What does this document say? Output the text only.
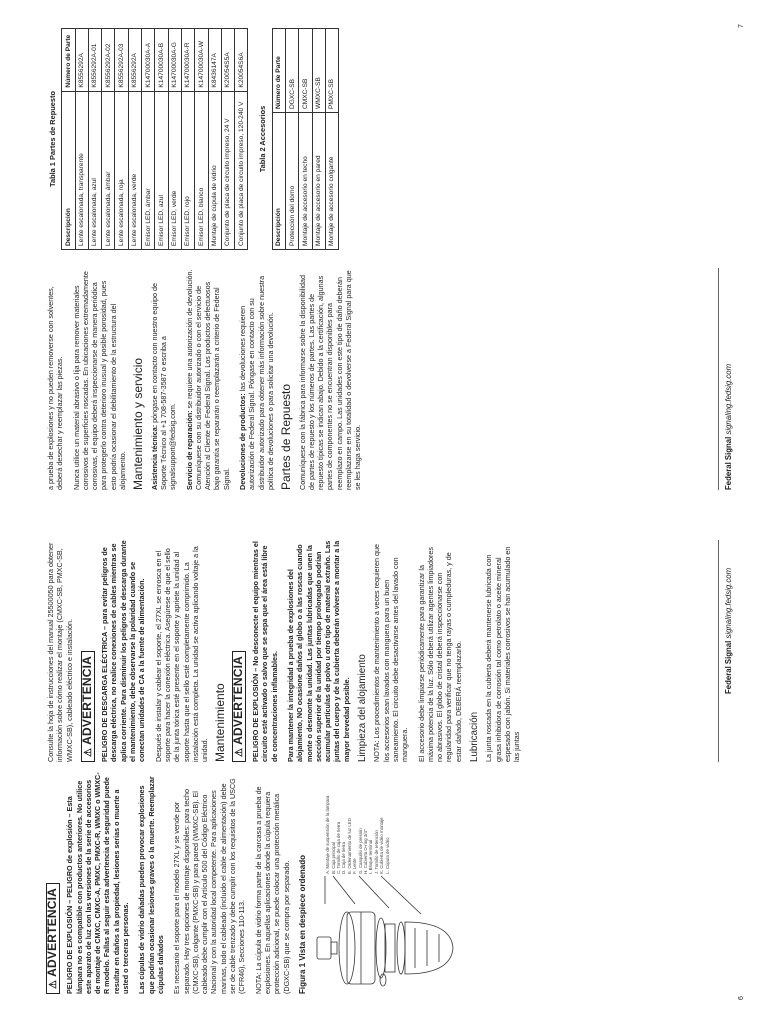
⚠ADVERTENCIA PELIGRO DE EXPLOSIÓN – PELIGRO de explosión – Esta lámpara no es compatible con productos anteriores. No utilice este aparato de luz con las versiones de la serie de accesorios de montaje de CMXC, CMXC-A, PMXC, PMXC-R, WMXC o WMXC-R modelo. Fallas al seguir esta advertencia de seguridad puede resultar en daños a la propiedad, lesiones serias o muerte a usted o terceras personas. Las cúpulas de vidrio dañadas pueden provocar explosiones que podrían ocasionar lesiones graves o la muerte. Reemplazar cúpulas dañados Es necesario el soporte para el modelo 27XL y se vende por separado. Hay tres opciones de montaje disponibles: para techo (CMXC-SB), colgante (PMXC-SB) y para pared (WMXC-SB). El cableado debe cumplir con el Artículo 500 del Código Eléctrico Nacional y con la autoridad local competente. Para aplicaciones marinas, todo el cableado (incluido el cable de alimentación) debe ser de cable trenzado y debe cumplir con los requisitos de la USCG (CFR46), Secciones 110-113. NOTA: La cúpula de vidrio forma parte de la carcasa a prueba de explosiones. En aquellas aplicaciones donde la cúpula requiera protección adicional, se puede colocar una protección metálica (DGXC-SB) que se compra por separado. Figura 1 Vista en despiece ordenado
A. Montaje de suspensión de la lámpara B. Caja principal C. Tornillo de caja de tierra D. Caja de tierra E. Ordenamiento de luz LED F. Lente G. Casquillo de presión H. Cubierta O-ring 3/4" I. Bloque terminal J. Tornillo de retención K. Cubierta de vidrio montaje L. Cúpula de vidrio

Consulte la hoja de instrucciones del manual 25500050 para obtener información sobre cómo realizar el montaje (CMXC-SB, PMXC-SB, WMXC-SB), cableado eléctrico e instalación. ⚠ADVERTENCIA PELIGRO DE DESCARGA ELÉCTRICA – para evitar peligros de descarga eléctrica, no realice conexiones de cables mientras se aplica corriente. Para disminuir los peligros de descarga durante el mantenimiento, debe observarse la polaridad cuando se conectan unidades de CA a la fuente de alimentación. Después de instalar y cablear el soporte, el 27XL se enrosca en el soporte para hacer la conexión eléctrica. Asegúrese de que el sello de la junta tórica esté presente en el soporte y apriete la unidad al soporte hasta que el sello esté completamente comprimido. La instalación está completa. La unidad se activa aplicando voltaje a la unidad. Mantenimiento ⚠ADVERTENCIA PELIGRO DE EXPLOSIÓN – No desconecte el equipo mientras el circuito esté activado o salvo que se sepa que el área está libre de concentraciones inflamables. Para mantener la integridad a prueba de explosiones del alojamiento, NO ocasione daños al globo o a las roscas cuando monte o desmonte la unidad. Las juntas lubricadas que unen la sección superior de la unidad por tiempo prolongado podrían acumular partículas de polvo u otro tipo de material extraño. Las juntas del cuerpo y de la cubierta deberán volverse a montar a la mayor brevedad posible. Limpieza del alojamiento NOTA: Los procedimientos de mantenimiento a veces requieren que los accesorios sean lavados con manguera para un buen saneamiento. El circuito debe desactivarse antes del lavado con manguera. El accesorio debe limpiarse periódicamente para garantizar la máxima potencia de la luz. Sólo deberá utilizar agentes limpiadores no abrasivos. El globo de cristal deberá inspeccionarse con regularidad para verificar que no tenga rayas o cumpleduras, y de estar dañado, DEBERÁ reemplazarlo. Lubricación La junta roscada en la cubierta deberá mantenerse lubricada con grasa inhibidora de corrosión tal como petrolato o aceite mineral espesado con jabón. Si materiales corrosivos se han acumulado en las juntas

Federal Signal signaling.fedsig.com
6

a prueba de explosiones y no pueden removerse con solventes, deberá desechar y reemplazar las piezas. Nunca utilice un material abrasivo o lija para remover materiales corrosivos de superficies roscadas. En ubicaciones extremadamente corrosivas, el equipo deberá inspeccionarse de manera periódica para protegerlo contra deterioro inusual y posible porosidad, pues esto podría ocasionar el debilitamiento de la estructura del alojamiento. Mantenimiento y servicio Asistencia técnica: póngase en contacto con nuestro equipo de Soporte Técnico al +1 708-587-3587 o escriba a signalsupport@fedsig.com. Servicio de reparación: se requiere una autorización de devolución. Comuníquese con su distribuidor autorizado o con el servicio de Atención al Cliente de Federal Signal. Los productos defectuosos bajo garantía se repararán o reemplazarán a criterio de Federal Signal. Devoluciones de productos: las devoluciones requieren autorización de Federal Signal. Póngase en contacto con su distribuidor autorizado para obtener más información sobre nuestra política de devoluciones o para solicitar una devolución. Partes de Repuesto Comuníquese con la fábrica para informarse sobre la disponibilidad de partes de repuesto y los números de partes. Las partes de repuesto típicas se indican abajo. Debido a la certificación, algunas partes de componentes no se encuentran disponibles para reemplazo en campo. Las unidades con este tipo de daño deberán reemplazarse en su totalidad o devolverse a Federal Signal para que se les haga servicio.

Tabla 1 Partes de Repuesto
Descripción	Número de Parte
Lente escalonada, transparente	K8556292A
Lente escalonada, azul	K8556292A-01
Lente escalonada, ámbar	K8556292A-02
Lente escalonada, roja	K8556292A-03
Lente escalonada, verde	K8556292A
Emisor LED, ámbar	K14700030A-A
Emisor LED, azul	K14700030A-B
Emisor LED, verde	K14700030A-G
Emisor LED, rojo	K14700030A-R
Emisor LED, blanco	K14700030A-W
Montaje de cúpula de vidrio	K8436147A
Conjunto de placa de circuito impreso, 24 V	K20054S5A
Conjunto de placa de circuito impreso, 120-240 V	K20054S6A
Tabla 2 Accesorios
Descripción	Número de Parte
Protección del domo	DGXC-SB
Montaje de accesorio en techo	CMXC-SB
Montaje de accesorio en pared	WMXC-SB
Montaje de accesorio colgante	PMXC-SB
Federal Signal signaling.fedsig.com
7
